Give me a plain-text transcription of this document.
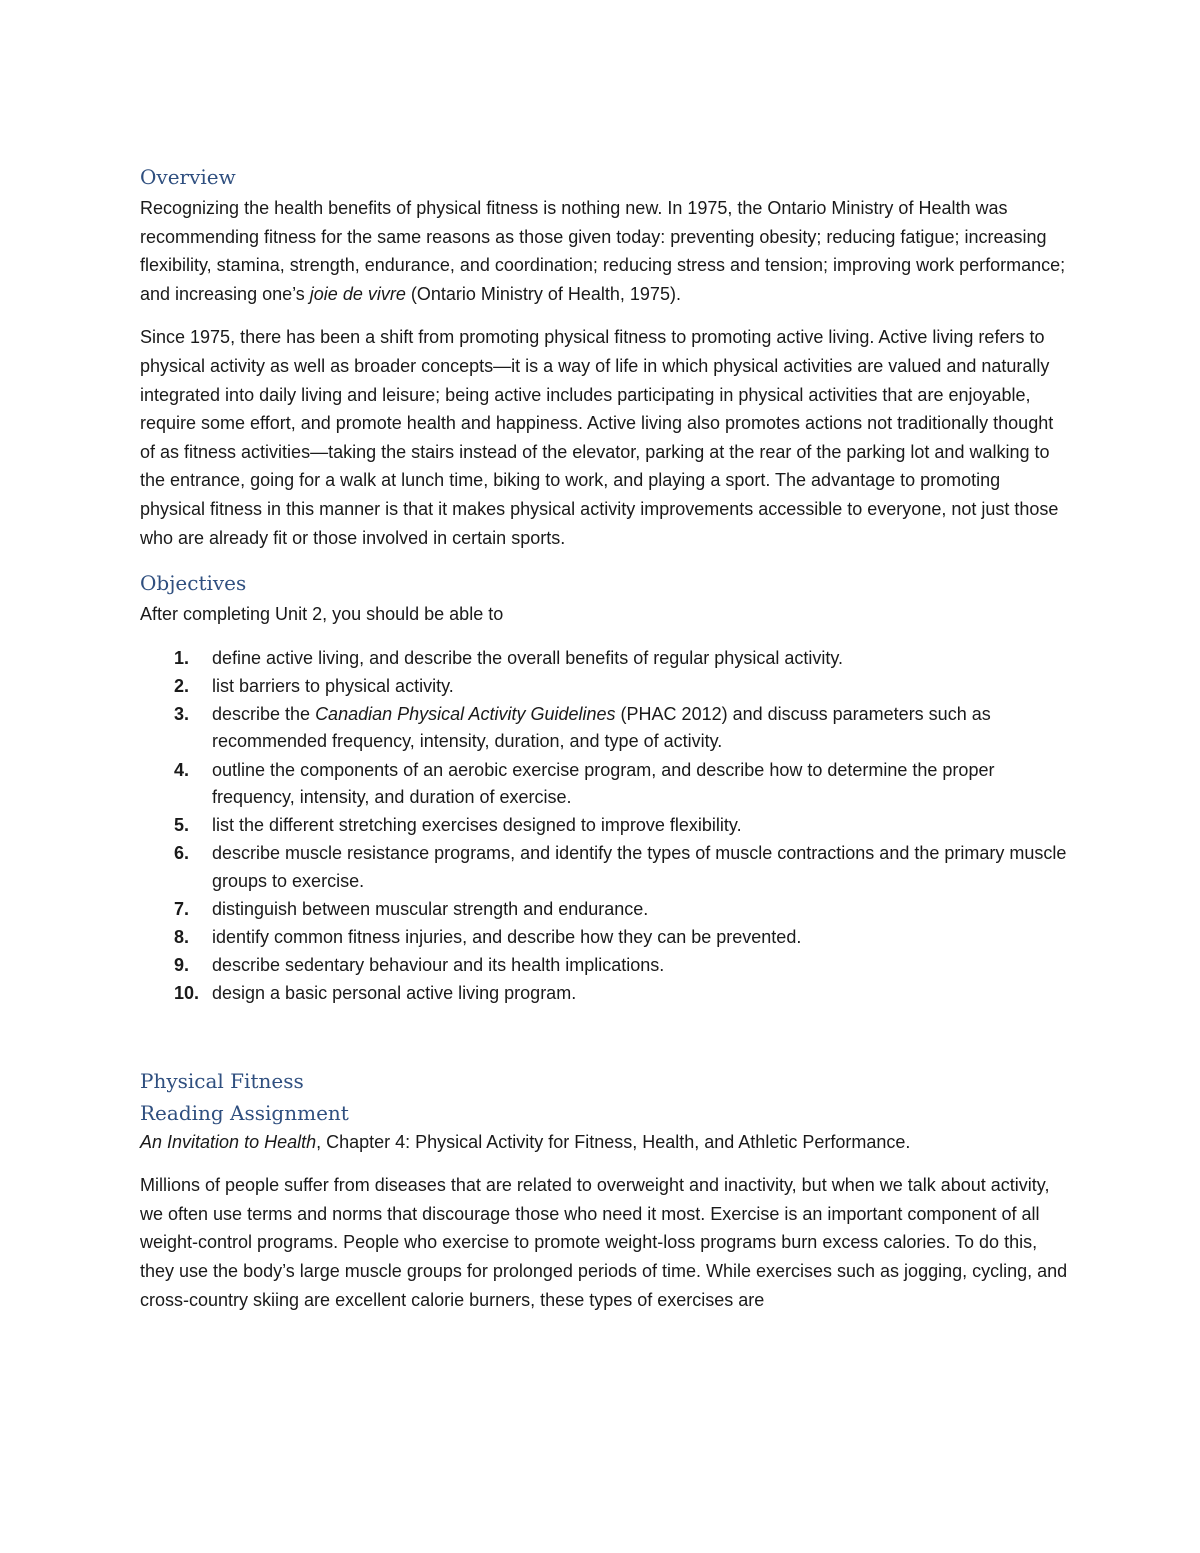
Overview

Recognizing the health benefits of physical fitness is nothing new. In 1975, the Ontario Ministry of Health was recommending fitness for the same reasons as those given today: preventing obesity; reducing fatigue; increasing flexibility, stamina, strength, endurance, and coordination; reducing stress and tension; improving work performance; and increasing one’s joie de vivre (Ontario Ministry of Health, 1975).

Since 1975, there has been a shift from promoting physical fitness to promoting active living. Active living refers to physical activity as well as broader concepts—it is a way of life in which physical activities are valued and naturally integrated into daily living and leisure; being active includes participating in physical activities that are enjoyable, require some effort, and promote health and happiness. Active living also promotes actions not traditionally thought of as fitness activities—taking the stairs instead of the elevator, parking at the rear of the parking lot and walking to the entrance, going for a walk at lunch time, biking to work, and playing a sport. The advantage to promoting physical fitness in this manner is that it makes physical activity improvements accessible to everyone, not just those who are already fit or those involved in certain sports.

Objectives

After completing Unit 2, you should be able to

1.	define active living, and describe the overall benefits of regular physical activity.
2.	list barriers to physical activity.
3.	describe the Canadian Physical Activity Guidelines (PHAC 2012) and discuss parameters such as recommended frequency, intensity, duration, and type of activity.
4.	outline the components of an aerobic exercise program, and describe how to determine the proper frequency, intensity, and duration of exercise.
5.	list the different stretching exercises designed to improve flexibility.
6.	describe muscle resistance programs, and identify the types of muscle contractions and the primary muscle groups to exercise.
7.	distinguish between muscular strength and endurance.
8.	identify common fitness injuries, and describe how they can be prevented.
9.	describe sedentary behaviour and its health implications.
10. design a basic personal active living program.
Physical Fitness
Reading Assignment

An Invitation to Health, Chapter 4: Physical Activity for Fitness, Health, and Athletic Performance.

Millions of people suffer from diseases that are related to overweight and inactivity, but when we talk about activity, we often use terms and norms that discourage those who need it most. Exercise is an important component of all weight-control programs. People who exercise to promote weight-loss programs burn excess calories. To do this, they use the body’s large muscle groups for prolonged periods of time. While exercises such as jogging, cycling, and cross-country skiing are excellent calorie burners, these types of exercises are
